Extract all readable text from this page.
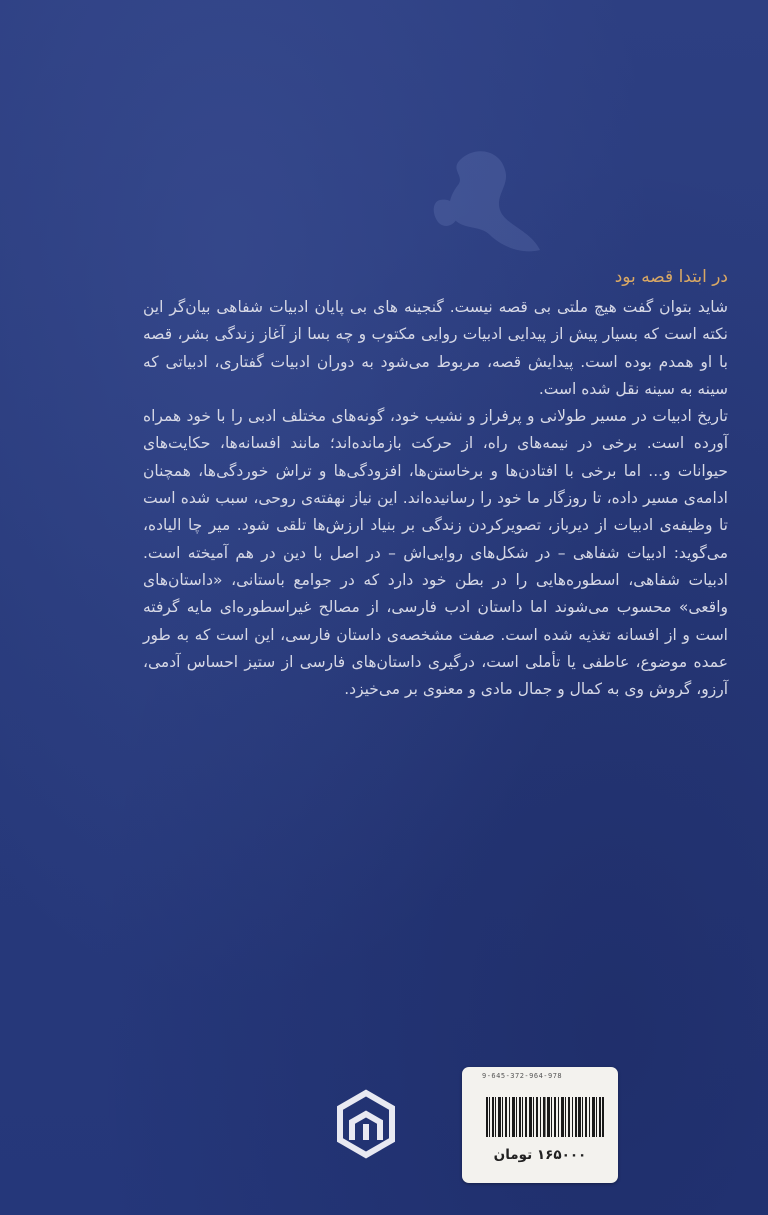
در ابتدا قصه بود

شاید بتوان گفت هیچ ملتی بی قصه نیست. گنجینه های بی پایان ادبیات شفاهی بیان‌گر این نکته است که بسیار پیش از پیدایی ادبیات روایی مکتوب و چه بسا از آغاز زندگی بشر، قصه با او همدم بوده است. پیدایش قصه، مربوط می‌شود به دوران ادبیات گفتاری، ادبیاتی که سینه به سینه نقل شده است.

تاریخ ادبیات در مسیر طولانی و پرفراز و نشیب خود، گونه‌های مختلف ادبی را با خود همراه آورده است. برخی در نیمه‌های راه، از حرکت بازمانده‌اند؛ مانند افسانه‌ها، حکایت‌های حیوانات و... اما برخی با افتادن‌ها و برخاستن‌ها، افزودگی‌ها و تراش خوردگی‌ها، همچنان ادامه‌ی مسیر داده، تا روزگار ما خود را رسانیده‌اند. این نیاز نهفته‌ی روحی، سبب شده است تا وظیفه‌ی ادبیات از دیرباز، تصویرکردن زندگی بر بنیاد ارزش‌ها تلقی شود. میر چا الیاده، می‌گوید: ادبیات شفاهی – در شکل‌های روایی‌اش – در اصل با دین در هم آمیخته است. ادبیات شفاهی، اسطوره‌هایی را در بطن خود دارد که در جوامع باستانی، «داستان‌های واقعی» محسوب می‌شوند اما داستان ادب فارسی، از مصالح غیراسطوره‌ای مایه گرفته است و از افسانه تغذیه شده است. صفت مشخصه‌ی داستان فارسی، این است که به طور عمده موضوع، عاطفی یا تأملی است، درگیری داستان‌های فارسی از ستیز احساس آدمی، آرزو، گروش وی به کمال و جمال مادی و معنوی بر می‌خیزد.

9-645-372-964-978
۱۶۵۰۰۰ تومان
